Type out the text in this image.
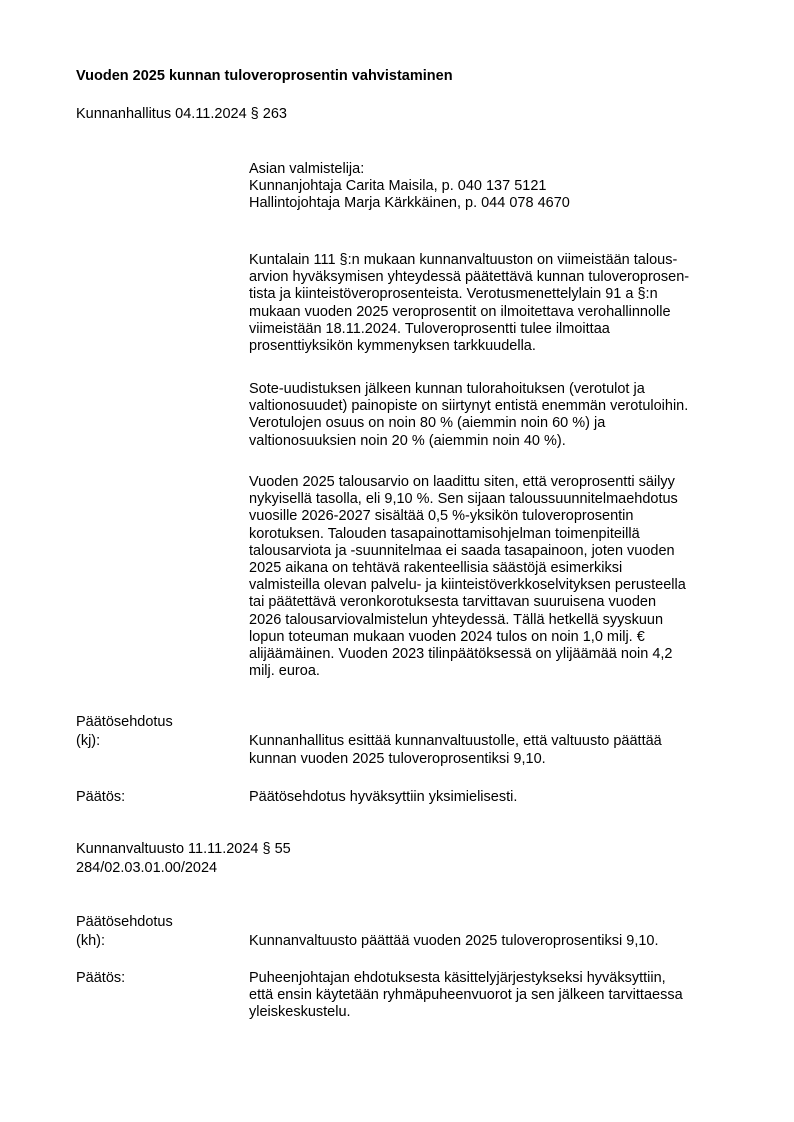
Vuoden 2025 kunnan tuloveroprosentin vahvistaminen

Kunnanhallitus 04.11.2024 § 263

Asian valmistelija:

Kunnanjohtaja Carita Maisila, p. 040 137 5121

Hallintojohtaja Marja Kärkkäinen, p. 044 078 4670

Kuntalain 111 §:n mukaan kunnanvaltuuston on viimeistään talous-

arvion hyväksymisen yhteydessä päätettävä kunnan tuloveroprosen-

tista ja kiinteistöveroprosenteista. Verotusmenettelylain 91 a §:n

mukaan vuoden 2025 veroprosentit on ilmoitettava verohallinnolle

viimeistään 18.11.2024. Tuloveroprosentti tulee ilmoittaa

prosenttiyksikön kymmenyksen tarkkuudella.

Sote-uudistuksen jälkeen kunnan tulorahoituksen (verotulot ja

valtionosuudet) painopiste on siirtynyt entistä enemmän verotuloihin.

Verotulojen osuus on noin 80 % (aiemmin noin 60 %) ja

valtionosuuksien noin 20 % (aiemmin noin 40 %).

Vuoden 2025 talousarvio on laadittu siten, että veroprosentti säilyy

nykyisellä tasolla, eli 9,10 %. Sen sijaan taloussuunnitelmaehdotus

vuosille 2026-2027 sisältää 0,5 %-yksikön tuloveroprosentin

korotuksen. Talouden tasapainottamisohjelman toimenpiteillä

talousarviota ja -suunnitelmaa ei saada tasapainoon, joten vuoden

2025 aikana on tehtävä rakenteellisia säästöjä esimerkiksi

valmisteilla olevan palvelu- ja kiinteistöverkkoselvityksen perusteella

tai päätettävä veronkorotuksesta tarvittavan suuruisena vuoden

2026 talousarviovalmistelun yhteydessä. Tällä hetkellä syyskuun

lopun toteuman mukaan vuoden 2024 tulos on noin 1,0 milj. €

alijäämäinen. Vuoden 2023 tilinpäätöksessä on ylijäämää noin 4,2

milj. euroa.

Päätösehdotus

(kj):	Kunnanhallitus esittää kunnanvaltuustolle, että valtuusto päättää

kunnan vuoden 2025 tuloveroprosentiksi 9,10.

Päätös:	Päätösehdotus hyväksyttiin yksimielisesti.

Kunnanvaltuusto 11.11.2024 § 55

284/02.03.01.00/2024

Päätösehdotus

(kh):	Kunnanvaltuusto päättää vuoden 2025 tuloveroprosentiksi 9,10.

Päätös:	Puheenjohtajan ehdotuksesta käsittelyjärjestykseksi hyväksyttiin,

että ensin käytetään ryhmäpuheenvuorot ja sen jälkeen tarvittaessa

yleiskeskustelu.
